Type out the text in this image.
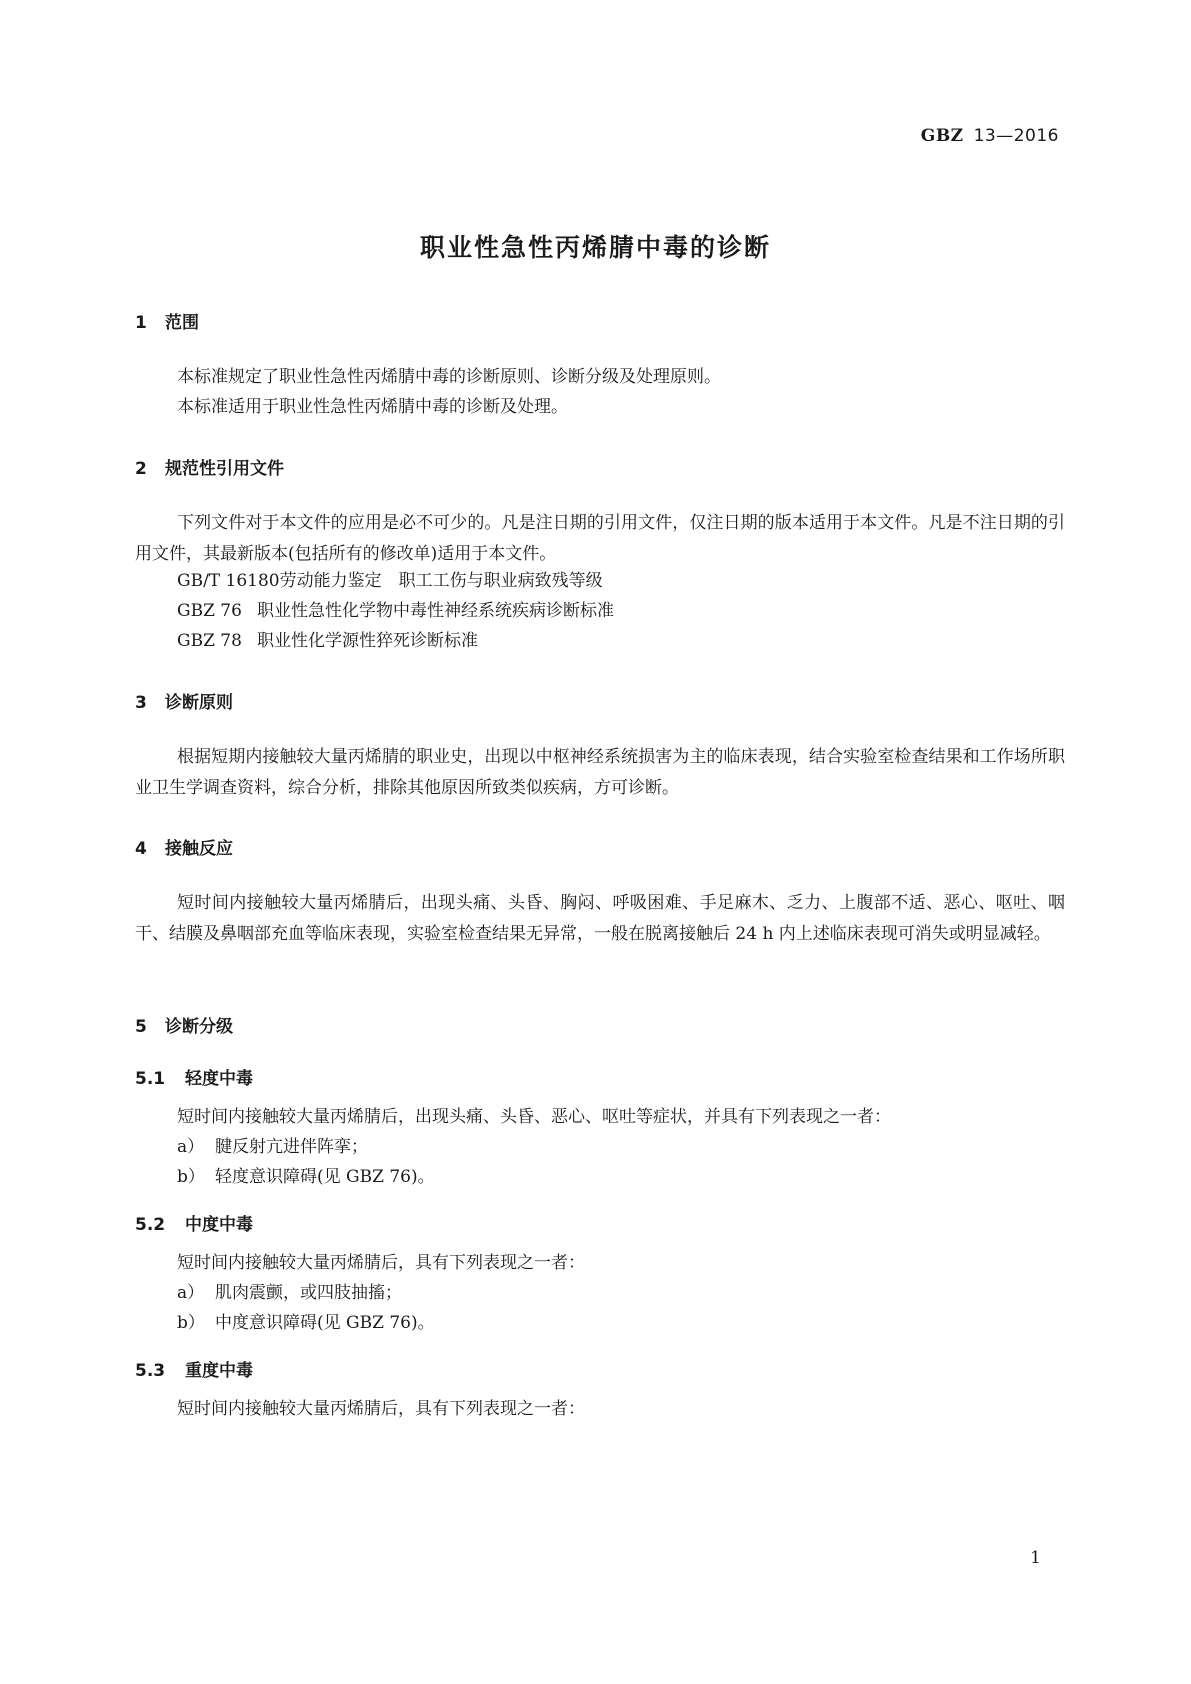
GBZ 13—2016
职业性急性丙烯腈中毒的诊断
1 范围

本标准规定了职业性急性丙烯腈中毒的诊断原则、诊断分级及处理原则。

本标准适用于职业性急性丙烯腈中毒的诊断及处理。

2 规范性引用文件

下列文件对于本文件的应用是必不可少的。凡是注日期的引用文件，仅注日期的版本适用于本文件。凡是不注日期的引用文件，其最新版本(包括所有的修改单)适用于本文件。

GB/T 16180劳动能力鉴定　职工工伤与职业病致残等级

GBZ 76 职业性急性化学物中毒性神经系统疾病诊断标准

GBZ 78 职业性化学源性猝死诊断标准

3 诊断原则

根据短期内接触较大量丙烯腈的职业史，出现以中枢神经系统损害为主的临床表现，结合实验室检查结果和工作场所职业卫生学调查资料，综合分析，排除其他原因所致类似疾病，方可诊断。

4 接触反应

短时间内接触较大量丙烯腈后，出现头痛、头昏、胸闷、呼吸困难、手足麻木、乏力、上腹部不适、恶心、呕吐、咽干、结膜及鼻咽部充血等临床表现，实验室检查结果无异常，一般在脱离接触后 24 h 内上述临床表现可消失或明显减轻。

5 诊断分级
5.1 轻度中毒

短时间内接触较大量丙烯腈后，出现头痛、头昏、恶心、呕吐等症状，并具有下列表现之一者：

a） 腱反射亢进伴阵挛；

b） 轻度意识障碍(见 GBZ 76)。

5.2 中度中毒

短时间内接触较大量丙烯腈后，具有下列表现之一者：

a） 肌肉震颤，或四肢抽搐；

b） 中度意识障碍(见 GBZ 76)。

5.3 重度中毒

短时间内接触较大量丙烯腈后，具有下列表现之一者：

1
